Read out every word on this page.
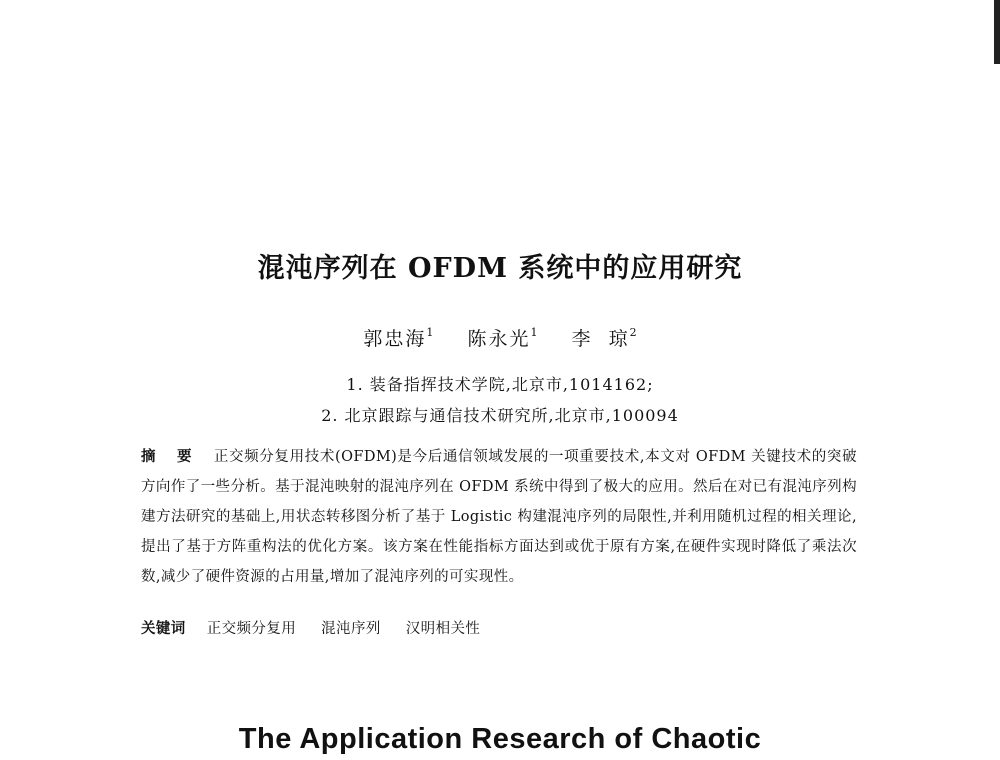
混沌序列在 OFDM 系统中的应用研究
郭忠海$^1$ 陈永光$^1$ 李  琼$^2$
1. 装备指挥技术学院,北京市,1014162;
2. 北京跟踪与通信技术研究所,北京市,100094
摘 要 正交频分复用技术(OFDM)是今后通信领域发展的一项重要技术,本文对 OFDM 关键技术的突破方向作了一些分析。基于混沌映射的混沌序列在 OFDM 系统中得到了极大的应用。然后在对已有混沌序列构建方法研究的基础上,用状态转移图分析了基于 Logistic 构建混沌序列的局限性,并利用随机过程的相关理论,提出了基于方阵重构法的优化方案。该方案在性能指标方面达到或优于原有方案,在硬件实现时降低了乘法次数,减少了硬件资源的占用量,增加了混沌序列的可实现性。
关键词 正交频分复用 混沌序列 汉明相关性
The Application Research of Chaotic
